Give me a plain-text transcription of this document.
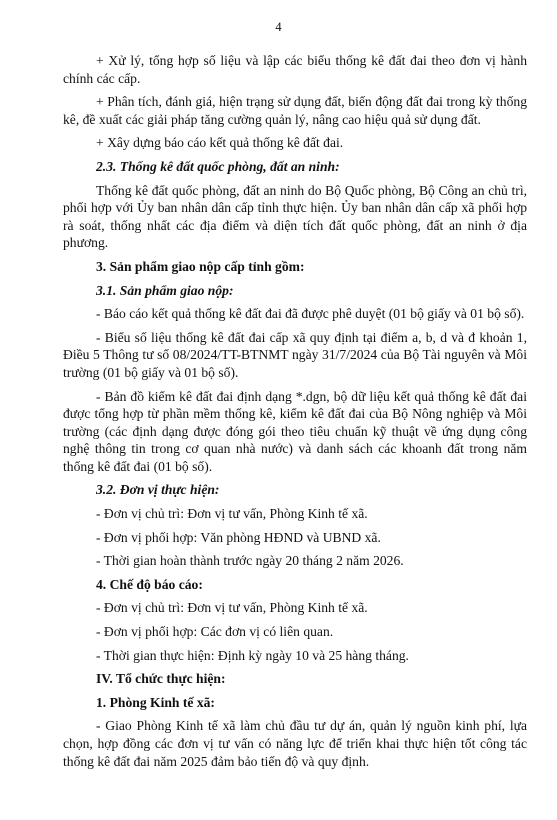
4

+ Xử lý, tổng hợp số liệu và lập các biểu thống kê đất đai theo đơn vị hành chính các cấp.

+ Phân tích, đánh giá, hiện trạng sử dụng đất, biến động đất đai trong kỳ thống kê, đề xuất các giải pháp tăng cường quản lý, nâng cao hiệu quả sử dụng đất.

+ Xây dựng báo cáo kết quả thống kê đất đai.

2.3. Thống kê đất quốc phòng, đất an ninh:

Thống kê đất quốc phòng, đất an ninh do Bộ Quốc phòng, Bộ Công an chủ trì, phối hợp với Ủy ban nhân dân cấp tỉnh thực hiện. Ủy ban nhân dân cấp xã phối hợp rà soát, thống nhất các địa điểm và diện tích đất quốc phòng, đất an ninh ở địa phương.

3. Sản phẩm giao nộp cấp tỉnh gồm:

3.1. Sản phẩm giao nộp:

- Báo cáo kết quả thống kê đất đai đã được phê duyệt (01 bộ giấy và 01 bộ số).

- Biểu số liệu thống kê đất đai cấp xã quy định tại điểm a, b, d và đ khoản 1, Điều 5 Thông tư số 08/2024/TT-BTNMT ngày 31/7/2024 của Bộ Tài nguyên và Môi trường (01 bộ giấy và 01 bộ số).

- Bản đồ kiểm kê đất đai định dạng *.dgn, bộ dữ liệu kết quả thống kê đất đai được tổng hợp từ phần mềm thống kê, kiểm kê đất đai của Bộ Nông nghiệp và Môi trường (các định dạng được đóng gói theo tiêu chuẩn kỹ thuật về ứng dụng công nghệ thông tin trong cơ quan nhà nước) và danh sách các khoanh đất trong năm thống kê đất đai (01 bộ số).

3.2. Đơn vị thực hiện:

- Đơn vị chủ trì: Đơn vị tư vấn, Phòng Kinh tế xã.

- Đơn vị phối hợp: Văn phòng HĐND và UBND xã.

- Thời gian hoàn thành trước ngày 20 tháng 2 năm 2026.

4. Chế độ báo cáo:

- Đơn vị chủ trì: Đơn vị tư vấn, Phòng Kinh tế xã.

- Đơn vị phối hợp: Các đơn vị có liên quan.

- Thời gian thực hiện: Định kỳ ngày 10 và 25 hàng tháng.

IV. Tổ chức thực hiện:

1. Phòng Kinh tế xã:

- Giao Phòng Kinh tế xã làm chủ đầu tư dự án, quản lý nguồn kinh phí, lựa chọn, hợp đồng các đơn vị tư vấn có năng lực để triển khai thực hiện tốt công tác thống kê đất đai năm 2025 đảm bảo tiến độ và quy định.
